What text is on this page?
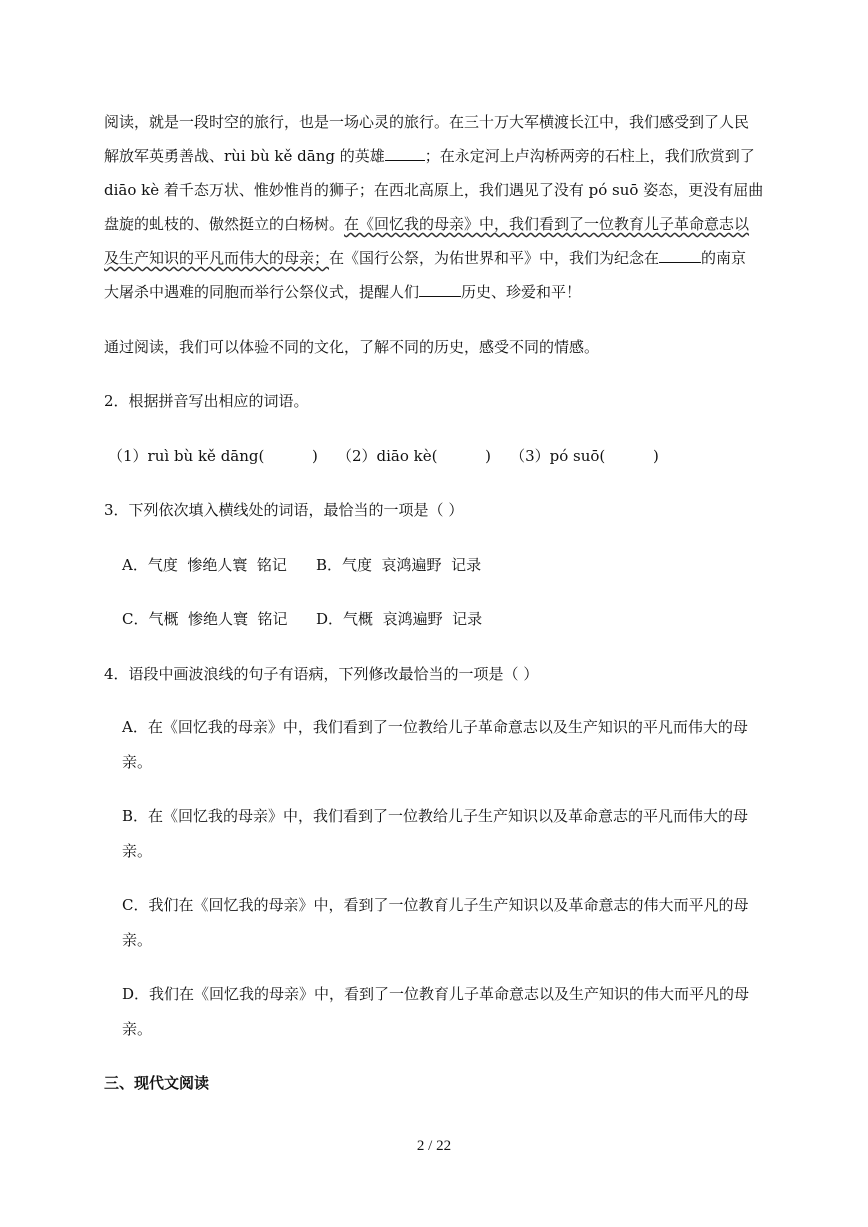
阅读，就是一段时空的旅行，也是一场心灵的旅行。在三十万大军横渡长江中，我们感受到了人民
解放军英勇善战、rùi bù kě dāng 的英雄	；在永定河上卢沟桥两旁的石柱上，我们欣赏到了
diāo kè 着千态万状、惟妙惟肖的狮子；在西北高原上，我们遇见了没有 pó suō 姿态，更没有屈曲
盘旋的虬枝的、傲然挺立的白杨树。在《回忆我的母亲》中，我们看到了一位教育儿子革命意志以
及生产知识的平凡而伟大的母亲；在《国行公祭，为佑世界和平》中，我们为纪念在	的南京
大屠杀中遇难的同胞而举行公祭仪式，提醒人们	历史、珍爱和平！
通过阅读，我们可以体验不同的文化，了解不同的历史，感受不同的情感。
2．根据拼音写出相应的词语。
（1）ruì bù kě dāng(          )    （2）diāo kè(          )    （3）pó suō(          )
3．下列依次填入横线处的词语，最恰当的一项是（ ）
A．气度  惨绝人寰  铭记 B．气度  哀鸿遍野  记录
C．气概  惨绝人寰  铭记 D．气概  哀鸿遍野  记录
4．语段中画波浪线的句子有语病，下列修改最恰当的一项是（ ）
A．在《回忆我的母亲》中，我们看到了一位教给儿子革命意志以及生产知识的平凡而伟大的母
亲。
B．在《回忆我的母亲》中，我们看到了一位教给儿子生产知识以及革命意志的平凡而伟大的母
亲。
C．我们在《回忆我的母亲》中，看到了一位教育儿子生产知识以及革命意志的伟大而平凡的母
亲。
D．我们在《回忆我的母亲》中，看到了一位教育儿子革命意志以及生产知识的伟大而平凡的母
亲。
三、现代文阅读
2 / 22
